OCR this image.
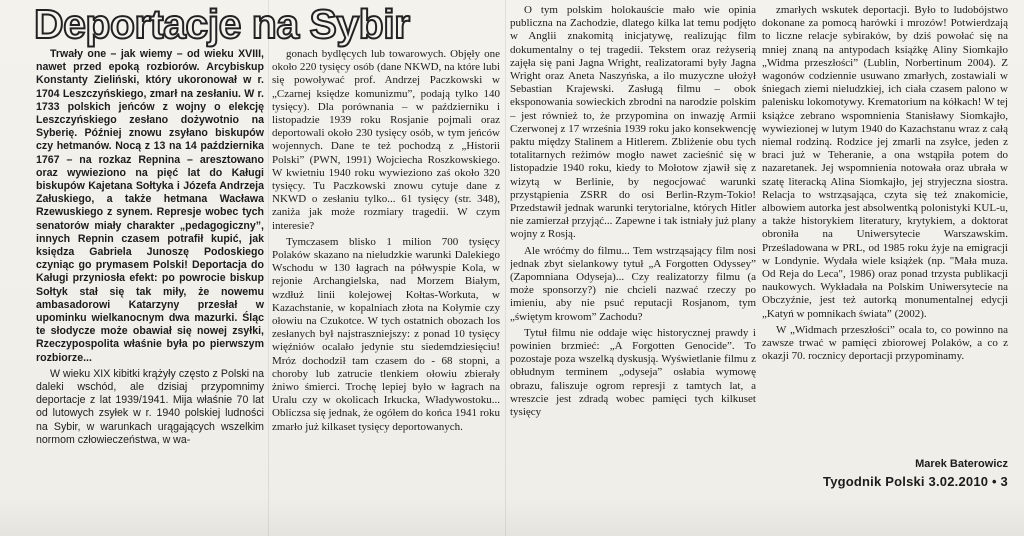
Deportacje na Sybir

Trwały one – jak wiemy – od wieku XVIII, nawet przed epoką rozbiorów. Arcybiskup Konstanty Zieliński, który ukoronował w r. 1704 Leszczyńskiego, zmarł na zesłaniu. W r. 1733 polskich jeńców z wojny o elekcję Leszczyńskiego zesłano dożywotnio na Syberię. Później znowu zsyłano biskupów czy hetmanów. Nocą z 13 na 14 października 1767 – na rozkaz Repnina – aresztowano oraz wywieziono na pięć lat do Kaługi biskupów Kajetana Sołtyka i Józefa Andrzeja Załuskiego, a także hetmana Wacława Rzewuskiego z synem. Represje wobec tych senatorów miały charakter „pedagogiczny”, innych Repnin czasem potrafił kupić, jak księdza Gabriela Junoszę Podoskiego czyniąc go prymasem Polski! Deportacja do Kaługi przyniosła efekt: po powrocie biskup Sołtyk stał się tak miły, że nowemu ambasadorowi Katarzyny przesłał w upominku wielkanocnym dwa mazurki. Śląc te słodycze może obawiał się nowej zsyłki, Rzeczypospolita właśnie była po pierwszym rozbiorze...

W wieku XIX kibitki krążyły często z Polski na daleki wschód, ale dzisiaj przypomnimy deportacje z lat 1939/1941. Mija właśnie 70 lat od lutowych zsyłek w r. 1940 polskiej ludności na Sybir, w warunkach urągających wszelkim normom człowieczeństwa, w wa-

gonach bydlęcych lub towarowych. Objęły one około 220 tysięcy osób (dane NKWD, na które lubi się powoływać prof. Andrzej Paczkowski w „Czarnej księdze komunizmu”, podają tylko 140 tysięcy). Dla porównania – w październiku i listopadzie 1939 roku Rosjanie pojmali oraz deportowali około 230 tysięcy osób, w tym jeńców wojennych. Dane te też pochodzą z „Historii Polski” (PWN, 1991) Wojciecha Roszkowskiego. W kwietniu 1940 roku wywieziono zaś około 320 tysięcy. Tu Paczkowski znowu cytuje dane z NKWD o zesłaniu tylko... 61 tysięcy (str. 348), zaniża jak może rozmiary tragedii. W czym interesie?

Tymczasem blisko 1 milion 700 tysięcy Polaków skazano na nieludzkie warunki Dalekiego Wschodu w 130 łagrach na półwyspie Kola, w rejonie Archangielska, nad Morzem Białym, wzdłuż linii kolejowej Kołtas-Workuta, w Kazachstanie, w kopalniach złota na Kołymie czy ołowiu na Czukotce. W tych ostatnich obozach los zesłanych był najstraszniejszy: z ponad 10 tysięcy więźniów ocalało jedynie stu siedemdziesięciu! Mróz dochodził tam czasem do - 68 stopni, a choroby lub zatrucie tlenkiem ołowiu zbierały żniwo śmierci. Trochę lepiej było w łagrach na Uralu czy w okolicach Irkucka, Władywostoku... Obliczsa się jednak, że ogółem do końca 1941 roku zmarło już kilkaset tysięcy deportowanych.

O tym polskim holokauście mało wie opinia publiczna na Zachodzie, dlatego kilka lat temu podjęto w Anglii znakomitą inicjatywę, realizując film dokumentalny o tej tragedii. Tekstem oraz reżyserią zajęła się pani Jagna Wright, realizatorami były Jagna Wright oraz Aneta Naszyńska, a ilo muzyczne ułożył Sebastian Krajewski. Zasługą filmu – obok eksponowania sowieckich zbrodni na narodzie polskim – jest również to, że przypomina on inwazję Armii Czerwonej z 17 września 1939 roku jako konsekwencję paktu między Stalinem a Hitlerem. Zbliżenie obu tych totalitarnych reżimów mogło nawet zacieśnić się w listopadzie 1940 roku, kiedy to Mołotow zjawił się z wizytą w Berlinie, by negocjować warunki przystąpienia ZSRR do osi Berlin-Rzym-Tokio! Przedstawił jednak warunki terytorialne, których Hitler nie zamierzał przyjąć... Zapewne i tak istniały już plany wojny z Rosją.

Ale wróćmy do filmu... Tem wstrząsający film nosi jednak zbyt sielankowy tytuł „A Forgotten Odyssey” (Zapomniana Odyseja)... Czy realizatorzy filmu (a może sponsorzy?) nie chcieli nazwać rzeczy po imieniu, aby nie psuć reputacji Rosjanom, tym „świętym krowom” Zachodu?

Tytuł filmu nie oddaje więc historycznej prawdy i powinien brzmieć: „A Forgotten Genocide”. To pozostaje poza wszelką dyskusją. Wyświetlanie filmu z obłudnym terminem „odyseja” osłabia wymowę obrazu, faliszuje ogrom represji z tamtych lat, a wreszcie jest zdradą wobec pamięci tych kilkuset tysięcy

zmarłych wskutek deportacji. Było to ludobójstwo dokonane za pomocą harówki i mrozów! Potwierdzają to liczne relacje sybiraków, by dziś powołać się na mniej znaną na antypodach książkę Aliny Siomkajło „Widma przeszłości” (Lublin, Norbertinum 2004). Z wagonów codziennie usuwano zmarłych, zostawiali w śniegach ziemi nieludzkiej, ich ciała czasem palono w palenisku lokomotywy. Krematorium na kółkach! W tej książce zebrano wspomnienia Stanisławy Siomkajło, wywiezionej w lutym 1940 do Kazachstanu wraz z całą niemal rodziną. Rodzice jej zmarli na zsyłce, jeden z braci już w Teheranie, a ona wstąpiła potem do nazaretanek. Jej wspomnienia notowała oraz ubrała w szatę literacką Alina Siomkajło, jej stryjeczna siostra. Relacja to wstrząsająca, czyta się też znakomicie, albowiem autorka jest absolwentką polonistyki KUL-u, a także historykiem literatury, krytykiem, a doktorat obroniła na Uniwersytecie Warszawskim. Prześladowana w PRL, od 1985 roku żyje na emigracji w Londynie. Wydała wiele książek (np. "Mała muza. Od Reja do Leca", 1986) oraz ponad trzysta publikacji naukowych. Wykładała na Polskim Uniwersytecie na Obczyźnie, jest też autorką monumentalnej edycji „Katyń w pomnikach świata” (2002).

W „Widmach przeszłości” ocala to, co powinno na zawsze trwać w pamięci zbiorowej Polaków, a co z okazji 70. rocznicy deportacji przypominamy.

Marek Baterowicz
Tygodnik Polski 3.02.2010 • 3
